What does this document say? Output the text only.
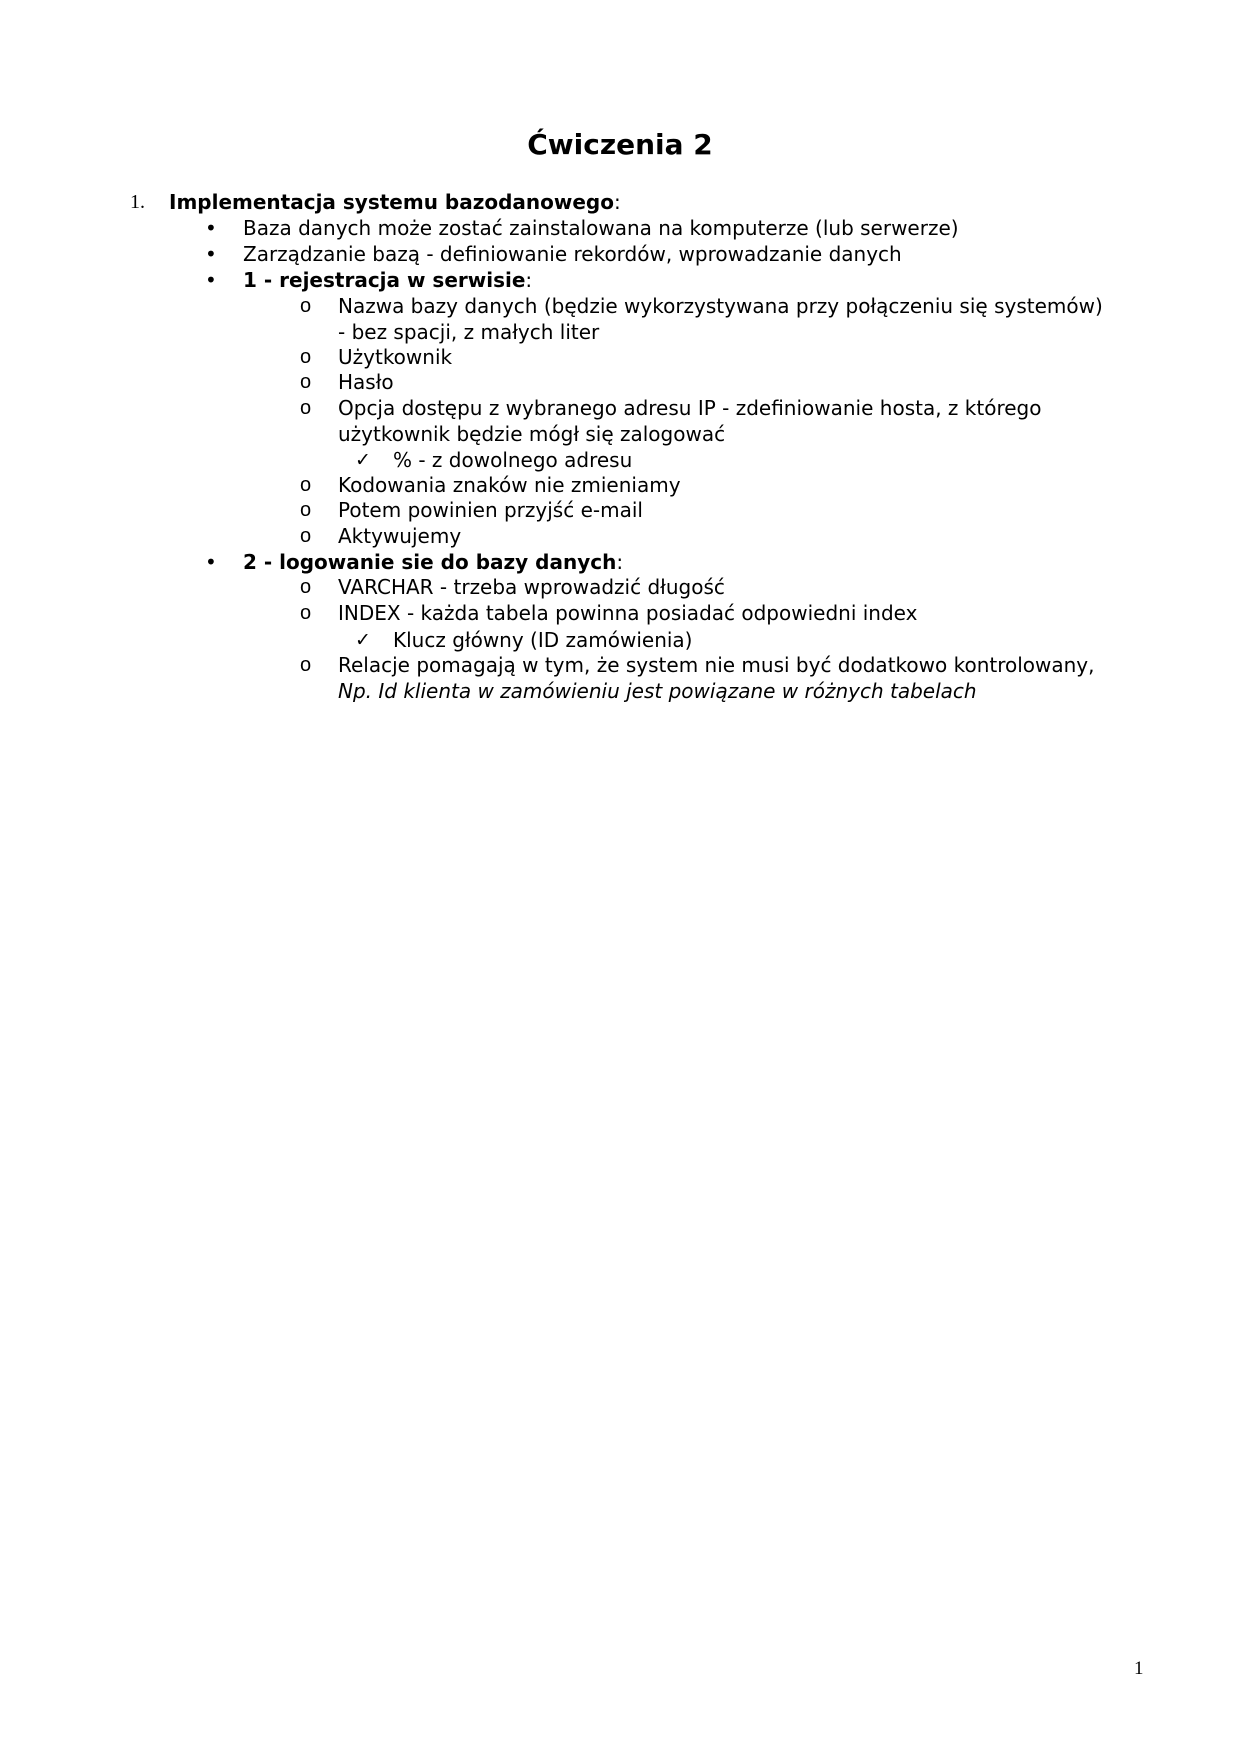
Ćwiczenia 2
1. Implementacja systemu bazodanowego:
• Baza danych może zostać zainstalowana na komputerze (lub serwerze)
• Zarządzanie bazą - definiowanie rekordów, wprowadzanie danych
• 1 - rejestracja w serwisie:
o Nazwa bazy danych (będzie wykorzystywana przy połączeniu się systemów)
- bez spacji, z małych liter
o Użytkownik
o Hasło
o Opcja dostępu z wybranego adresu IP - zdefiniowanie hosta, z którego
użytkownik będzie mógł się zalogować
✓ % - z dowolnego adresu
o Kodowania znaków nie zmieniamy
o Potem powinien przyjść e-mail
o Aktywujemy
• 2 - logowanie sie do bazy danych:
o VARCHAR - trzeba wprowadzić długość
o INDEX - każda tabela powinna posiadać odpowiedni index
✓ Klucz główny (ID zamówienia)
o Relacje pomagają w tym, że system nie musi być dodatkowo kontrolowany,
Np. Id klienta w zamówieniu jest powiązane w różnych tabelach
1
